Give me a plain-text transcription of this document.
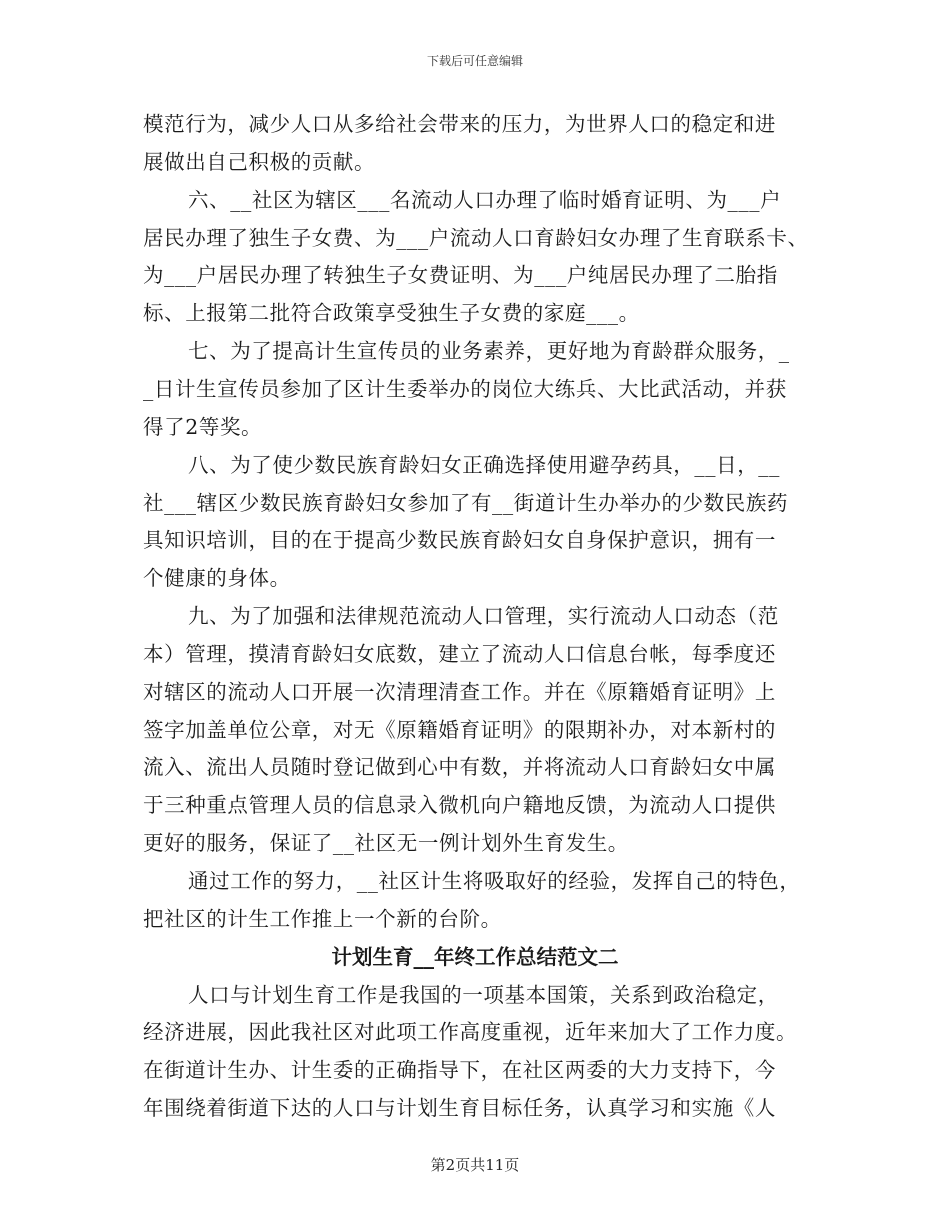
下载后可任意编辑
模范行为，减少人口从多给社会带来的压力，为世界人口的稳定和进
展做出自己积极的贡献。
六、__社区为辖区___名流动人口办理了临时婚育证明、为___户
居民办理了独生子女费、为___户流动人口育龄妇女办理了生育联系卡、
为___户居民办理了转独生子女费证明、为___户纯居民办理了二胎指
标、上报第二批符合政策享受独生子女费的家庭___。
七、为了提高计生宣传员的业务素养，更好地为育龄群众服务，_
_日计生宣传员参加了区计生委举办的岗位大练兵、大比武活动，并获
得了2等奖。
八、为了使少数民族育龄妇女正确选择使用避孕药具，__日，__
社___辖区少数民族育龄妇女参加了有__街道计生办举办的少数民族药
具知识培训，目的在于提高少数民族育龄妇女自身保护意识，拥有一
个健康的身体。
九、为了加强和法律规范流动人口管理，实行流动人口动态（范
本）管理，摸清育龄妇女底数，建立了流动人口信息台帐，每季度还
对辖区的流动人口开展一次清理清查工作。并在《原籍婚育证明》上
签字加盖单位公章，对无《原籍婚育证明》的限期补办，对本新村的
流入、流出人员随时登记做到心中有数，并将流动人口育龄妇女中属
于三种重点管理人员的信息录入微机向户籍地反馈，为流动人口提供
更好的服务，保证了__社区无一例计划外生育发生。
通过工作的努力，__社区计生将吸取好的经验，发挥自己的特色，
把社区的计生工作推上一个新的台阶。
计划生育__年终工作总结范文二
人口与计划生育工作是我国的一项基本国策，关系到政治稳定，
经济进展，因此我社区对此项工作高度重视，近年来加大了工作力度。
在街道计生办、计生委的正确指导下，在社区两委的大力支持下，今
年围绕着街道下达的人口与计划生育目标任务，认真学习和实施《人
第2页共11页
